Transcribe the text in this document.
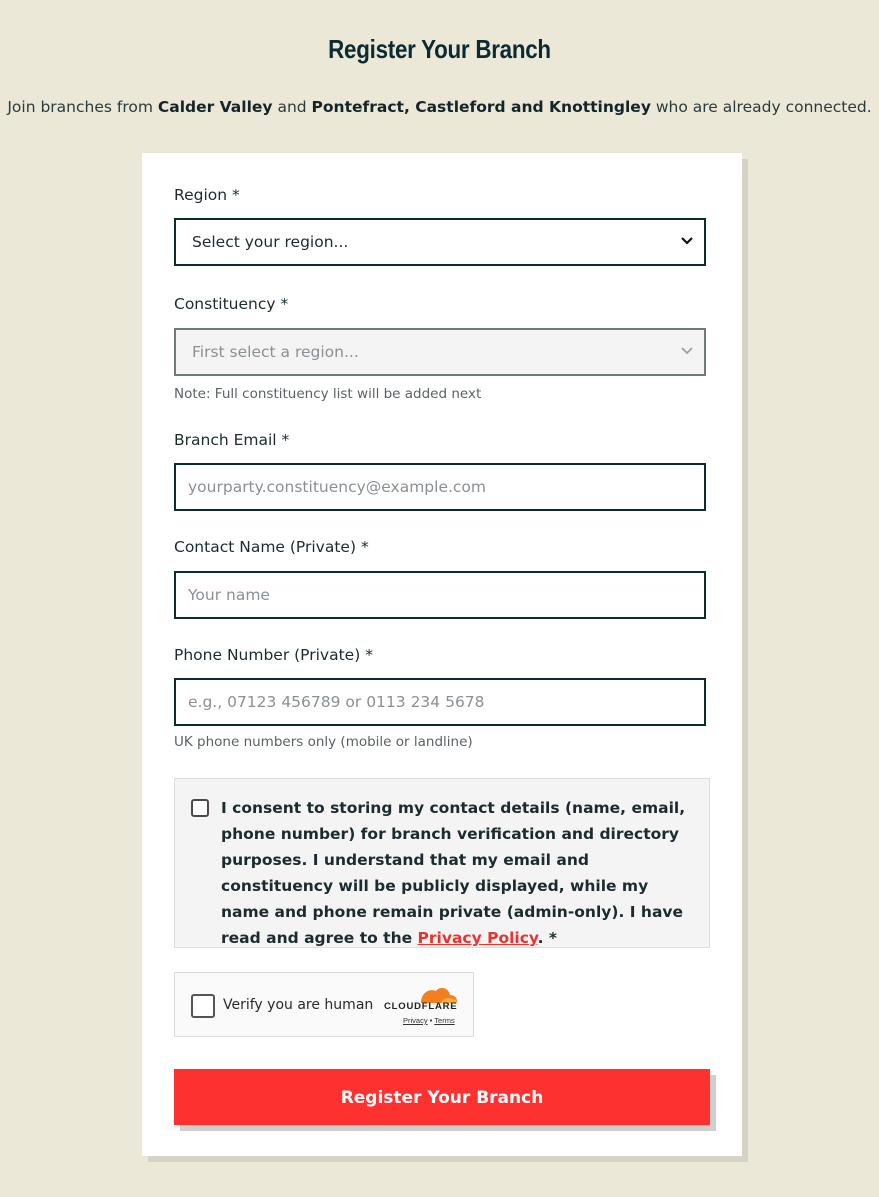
Register Your Branch

Join branches from Calder Valley and Pontefract, Castleford and Knottingley who are already connected.

Region *
Select your region...
Constituency *
First select a region...
Note: Full constituency list will be added next
Branch Email *
yourparty.constituency@example.com
Contact Name (Private) *
Your name
Phone Number (Private) *
e.g., 07123 456789 or 0113 234 5678
UK phone numbers only (mobile or landline)
I consent to storing my contact details (name, email, phone number) for branch verification and directory purposes. I understand that my email and constituency will be publicly displayed, while my name and phone remain private (admin-only). I have read and agree to the Privacy Policy. *
Verify you are human CLOUDFLARE
Privacy • Terms
Register Your Branch
